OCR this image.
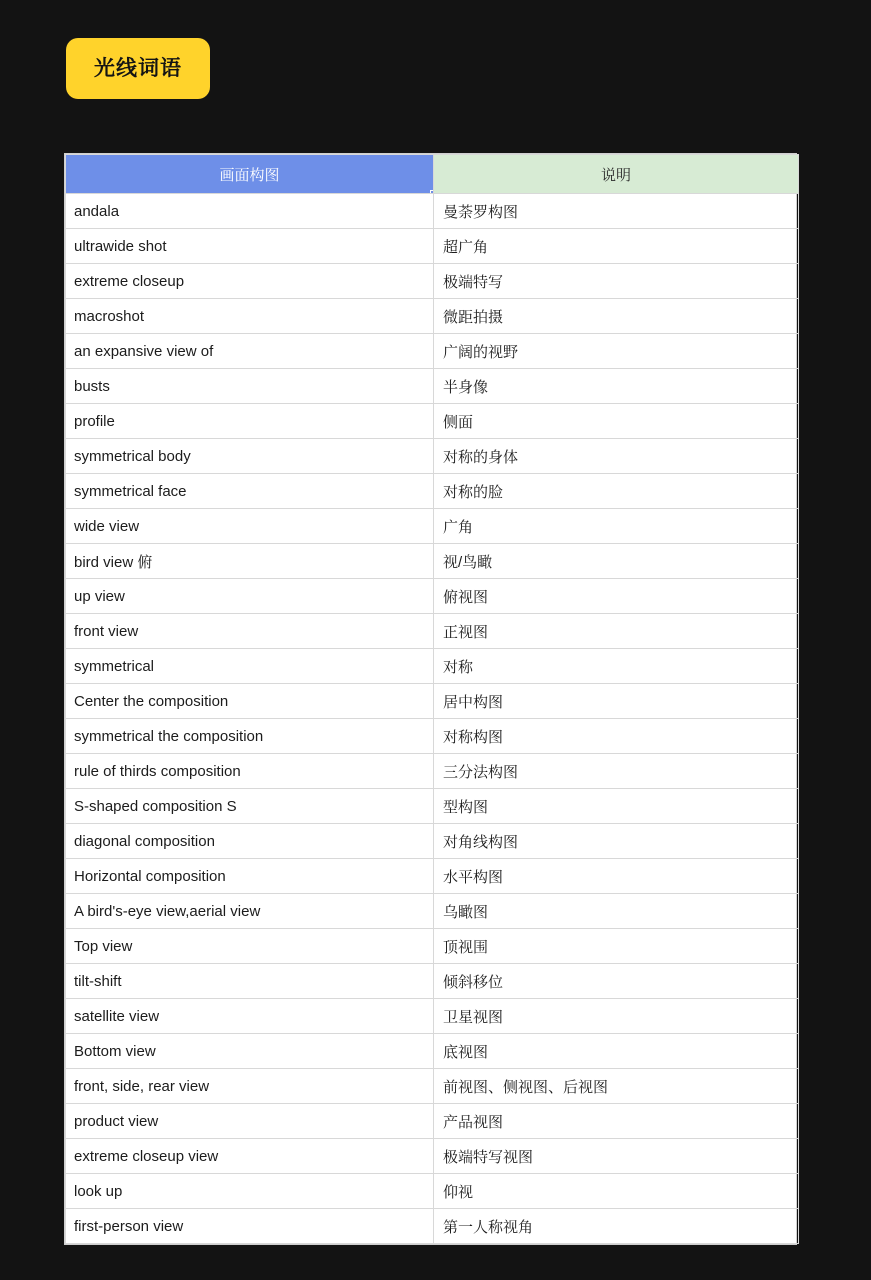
光线词语
画面构图	说明
andala	曼荼罗构图
ultrawide shot	超广角
extreme closeup	极端特写
macroshot	微距拍摄
an expansive view of	广阔的视野
busts	半身像
profile	侧面
symmetrical body	对称的身体
symmetrical face	对称的脸
wide view	广角
bird view 俯	视/鸟瞰
up view	俯视图
front view	正视图
symmetrical	对称
Center the composition	居中构图
symmetrical the composition	对称构图
rule of thirds composition	三分法构图
S-shaped composition S	型构图
diagonal composition	对角线构图
Horizontal composition	水平构图
A bird's-eye view,aerial view	乌瞰图
Top view	顶视围
tilt-shift	倾斜移位
satellite view	卫星视图
Bottom view	底视图
front, side, rear view	前视图、侧视图、后视图
product view	产品视图
extreme closeup view	极端特写视图
look up	仰视
first-person view	第一人称视角
